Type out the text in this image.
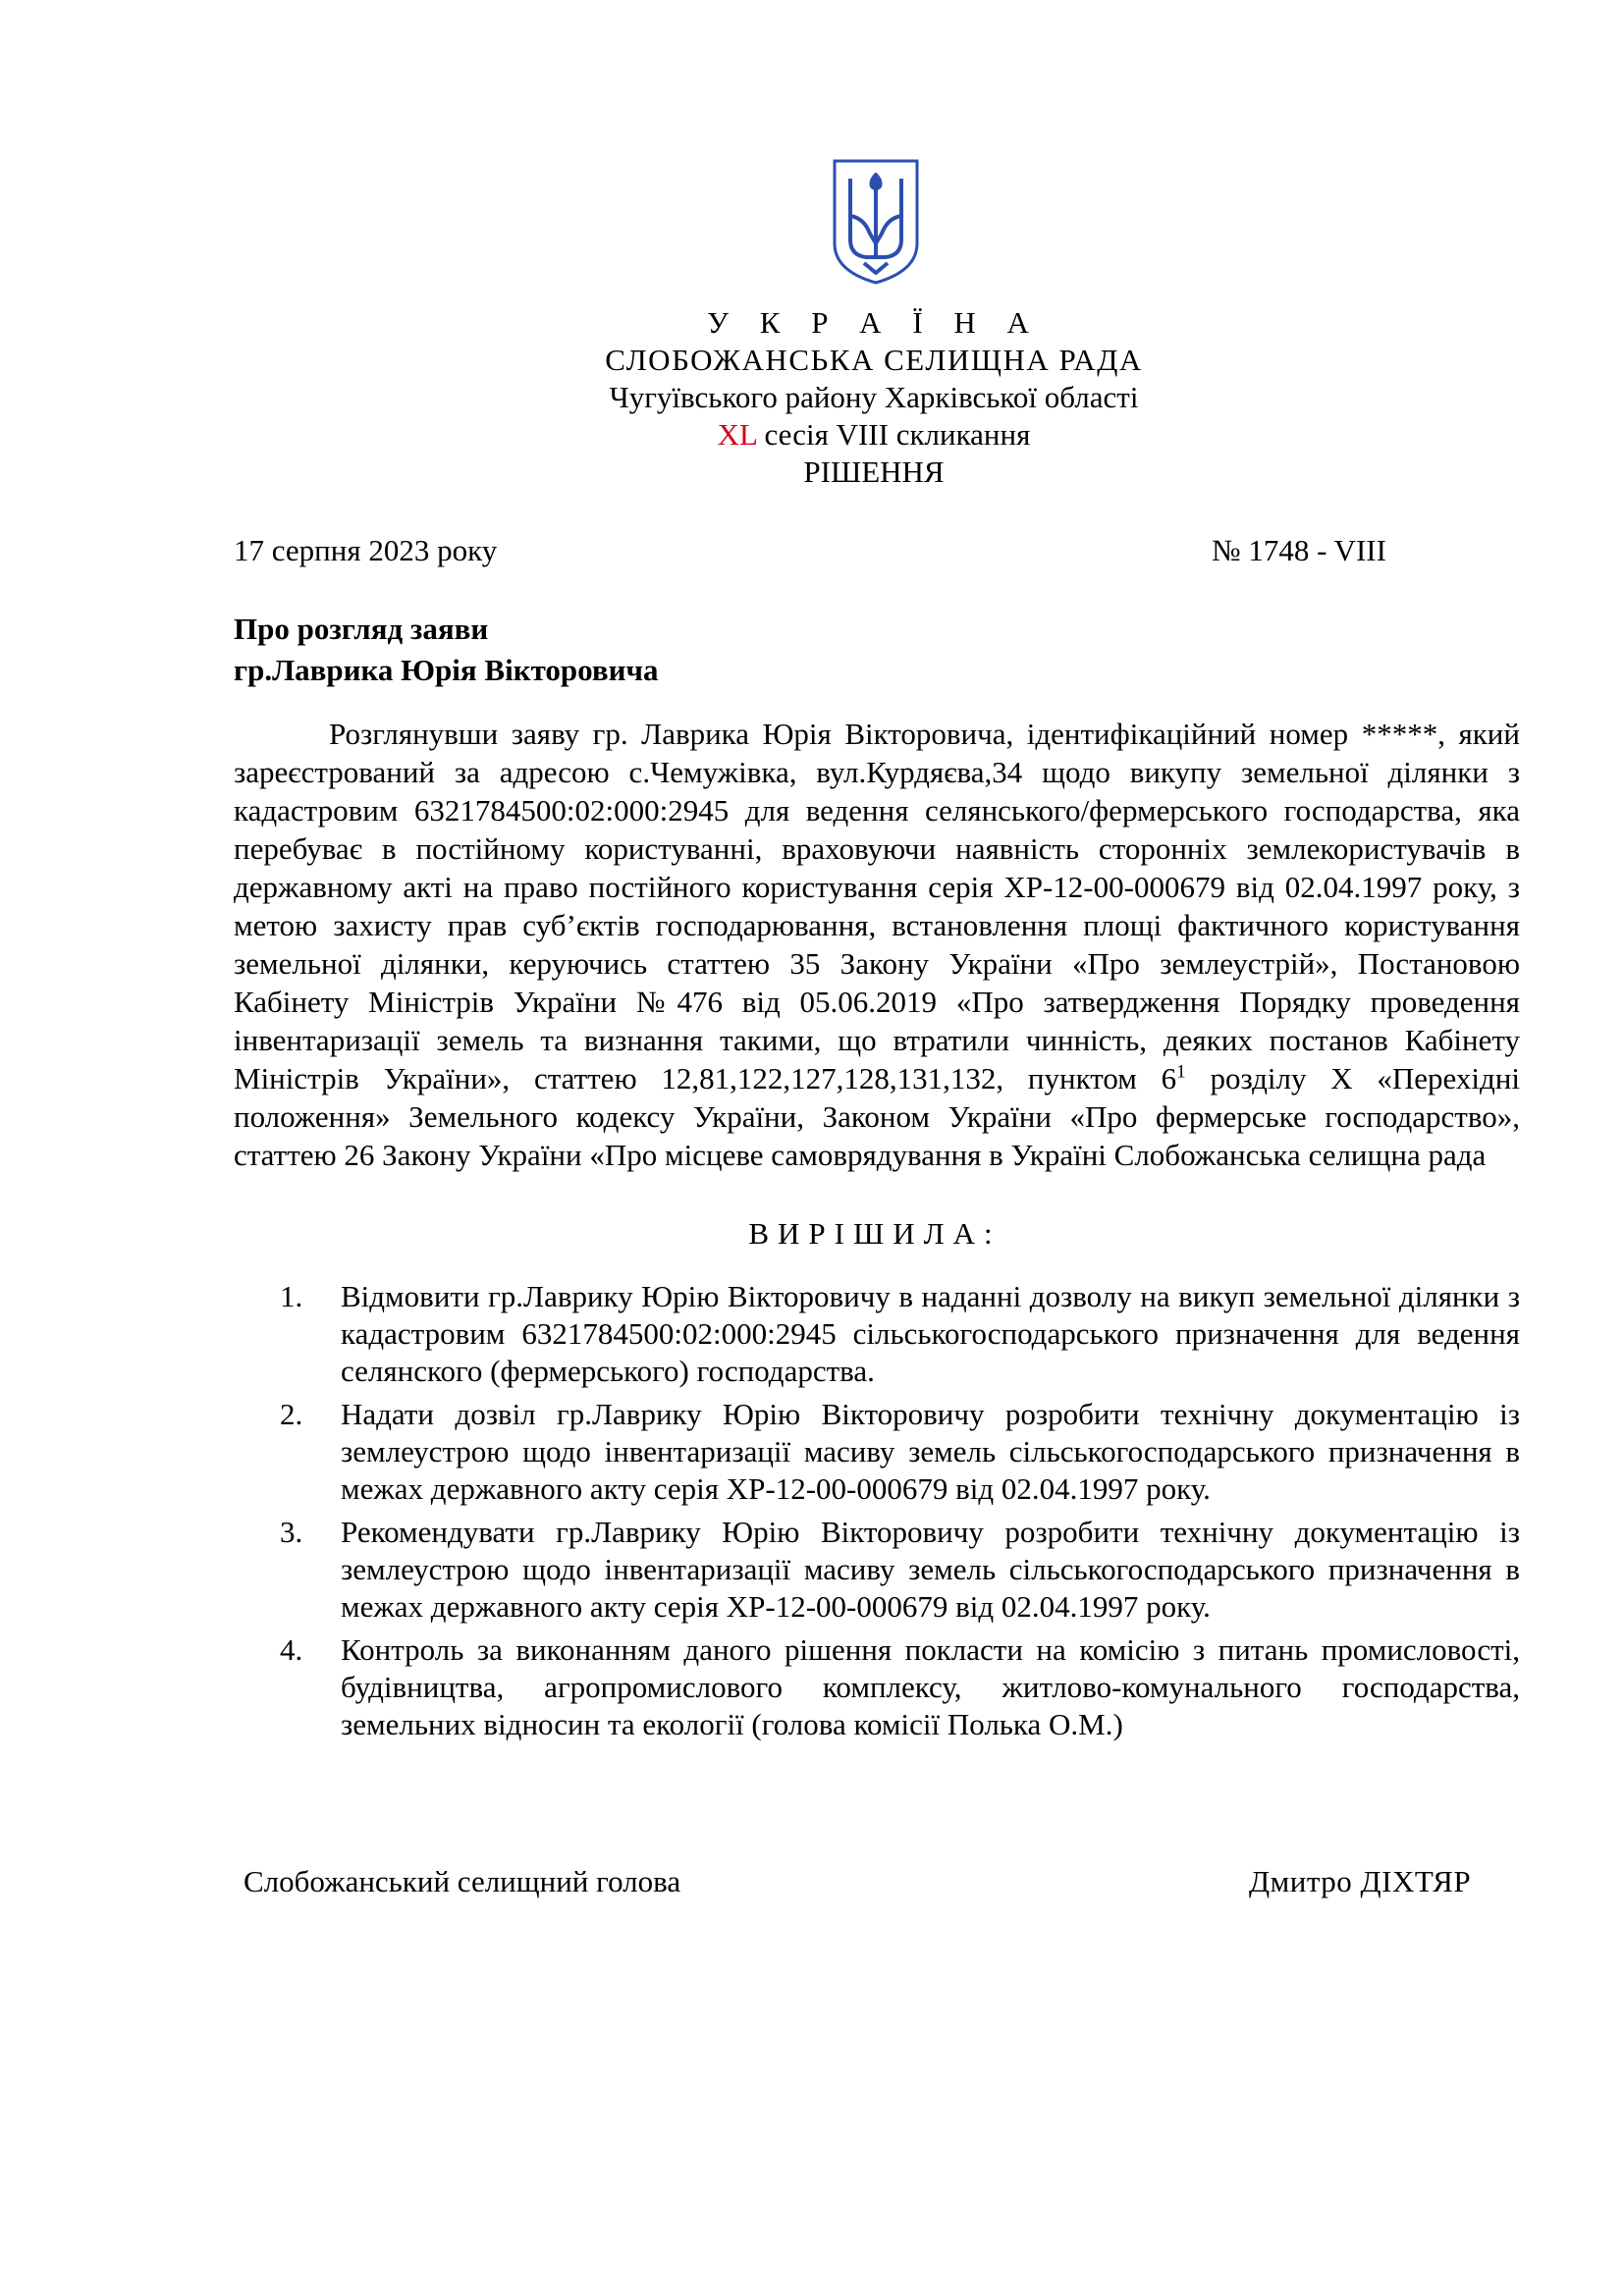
У К Р А Ї Н А
СЛОБОЖАНСЬКА СЕЛИЩНА РАДА
Чугуївського району Харківської області
XL сесія VIII скликання
РІШЕННЯ
17 серпня 2023 року	№ 1748 - VIII
Про розгляд заяви
гр.Лаврика Юрія Вікторовича
Розглянувши заяву гр. Лаврика Юрія Вікторовича, ідентифікаційний номер *****, який зареєстрований за адресою с.Чемужівка, вул.Курдяєва,34 щодо викупу земельної ділянки з кадастровим 6321784500:02:000:2945 для ведення селянського/фермерського господарства, яка перебуває в постійному користуванні, враховуючи наявність сторонніх землекористувачів в державному акті на право постійного користування серія ХР-12-00-000679 від 02.04.1997 року, з метою захисту прав суб’єктів господарювання, встановлення площі фактичного користування земельної ділянки, керуючись статтею 35 Закону України «Про землеустрій», Постановою Кабінету Міністрів України №476 від 05.06.2019 «Про затвердження Порядку проведення інвентаризації земель та визнання такими, що втратили чинність, деяких постанов Кабінету Міністрів України», статтею 12,81,122,127,128,131,132, пунктом $6^1$ розділу X «Перехідні положення» Земельного кодексу України, Законом України «Про фермерське господарство», статтею 26 Закону України «Про місцеве самоврядування в Україні Слобожанська селищна рада
ВИРІШИЛА:
1. Відмовити гр.Лаврику Юрію Вікторовичу в наданні дозволу на викуп земельної ділянки з кадастровим 6321784500:02:000:2945 сільськогосподарського призначення для ведення селянского (фермерського) господарства.
2. Надати дозвіл гр.Лаврику Юрію Вікторовичу розробити технічну документацію із землеустрою щодо інвентаризації масиву земель сільськогосподарського призначення в межах державного акту серія ХР-12-00-000679 від 02.04.1997 року.
3. Рекомендувати гр.Лаврику Юрію Вікторовичу розробити технічну документацію із землеустрою щодо інвентаризації масиву земель сільськогосподарського призначення в межах державного акту серія ХР-12-00-000679 від 02.04.1997 року.
4. Контроль за виконанням даного рішення покласти на комісію з питань промисловості, будівництва, агропромислового комплексу, житлово-комунального господарства, земельних відносин та екології (голова комісії Полька О.М.)
Слобожанський селищний голова	Дмитро ДІХТЯР
